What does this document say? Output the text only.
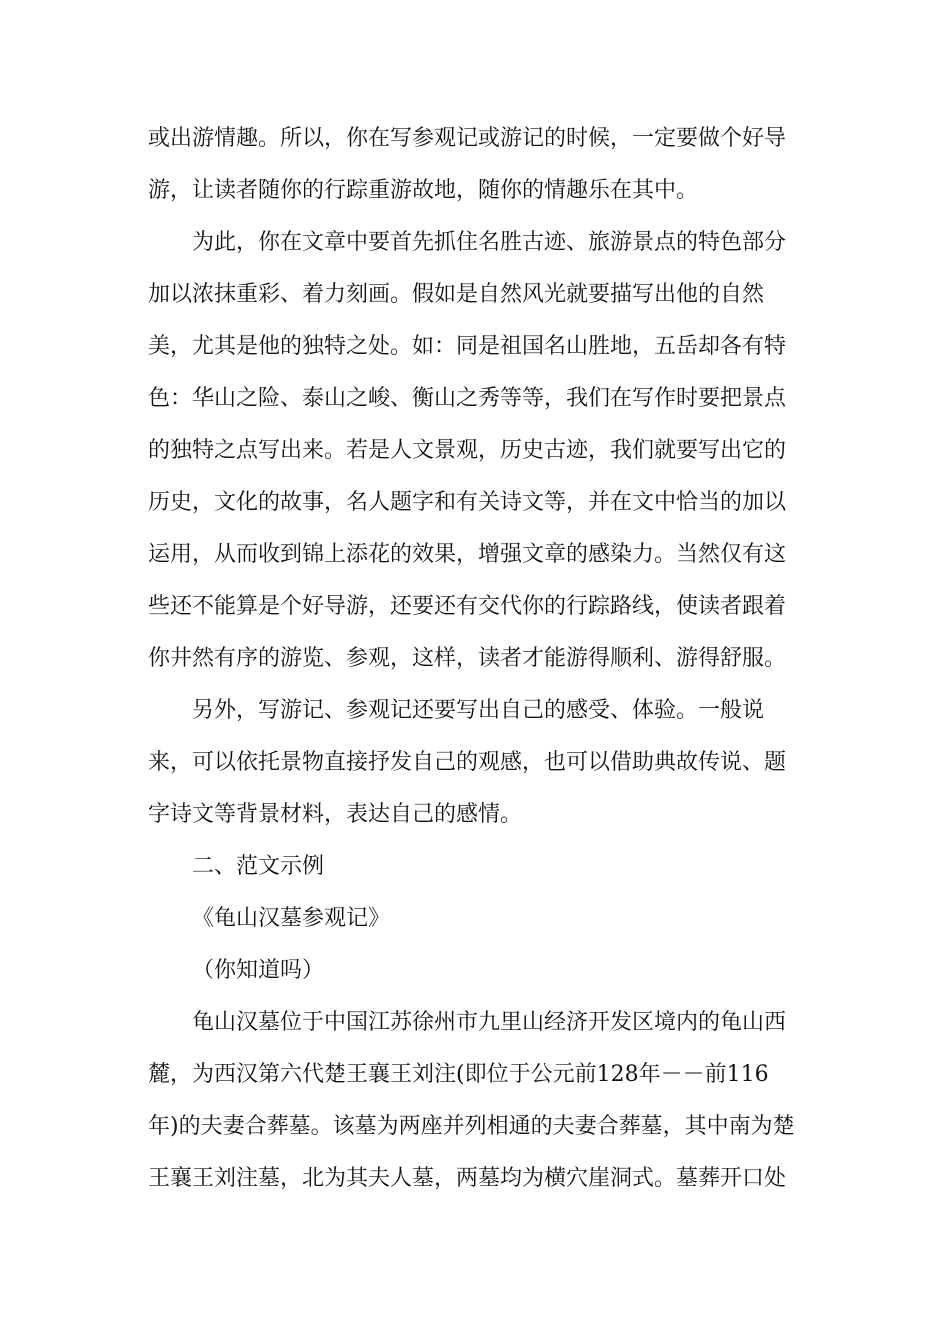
或出游情趣。所以，你在写参观记或游记的时候，一定要做个好导

游，让读者随你的行踪重游故地，随你的情趣乐在其中。

为此，你在文章中要首先抓住名胜古迹、旅游景点的特色部分

加以浓抹重彩、着力刻画。假如是自然风光就要描写出他的自然

美，尤其是他的独特之处。如：同是祖国名山胜地，五岳却各有特

色：华山之险、泰山之峻、衡山之秀等等，我们在写作时要把景点

的独特之点写出来。若是人文景观，历史古迹，我们就要写出它的

历史，文化的故事，名人题字和有关诗文等，并在文中恰当的加以

运用，从而收到锦上添花的效果，增强文章的感染力。当然仅有这

些还不能算是个好导游，还要还有交代你的行踪路线，使读者跟着

你井然有序的游览、参观，这样，读者才能游得顺利、游得舒服。

另外，写游记、参观记还要写出自己的感受、体验。一般说

来，可以依托景物直接抒发自己的观感，也可以借助典故传说、题

字诗文等背景材料，表达自己的感情。

二、范文示例

《龟山汉墓参观记》

（你知道吗）

龟山汉墓位于中国江苏徐州市九里山经济开发区境内的龟山西

麓，为西汉第六代楚王襄王刘注(即位于公元前128年－－前116

年)的夫妻合葬墓。该墓为两座并列相通的夫妻合葬墓，其中南为楚

王襄王刘注墓，北为其夫人墓，两墓均为横穴崖洞式。墓葬开口处
